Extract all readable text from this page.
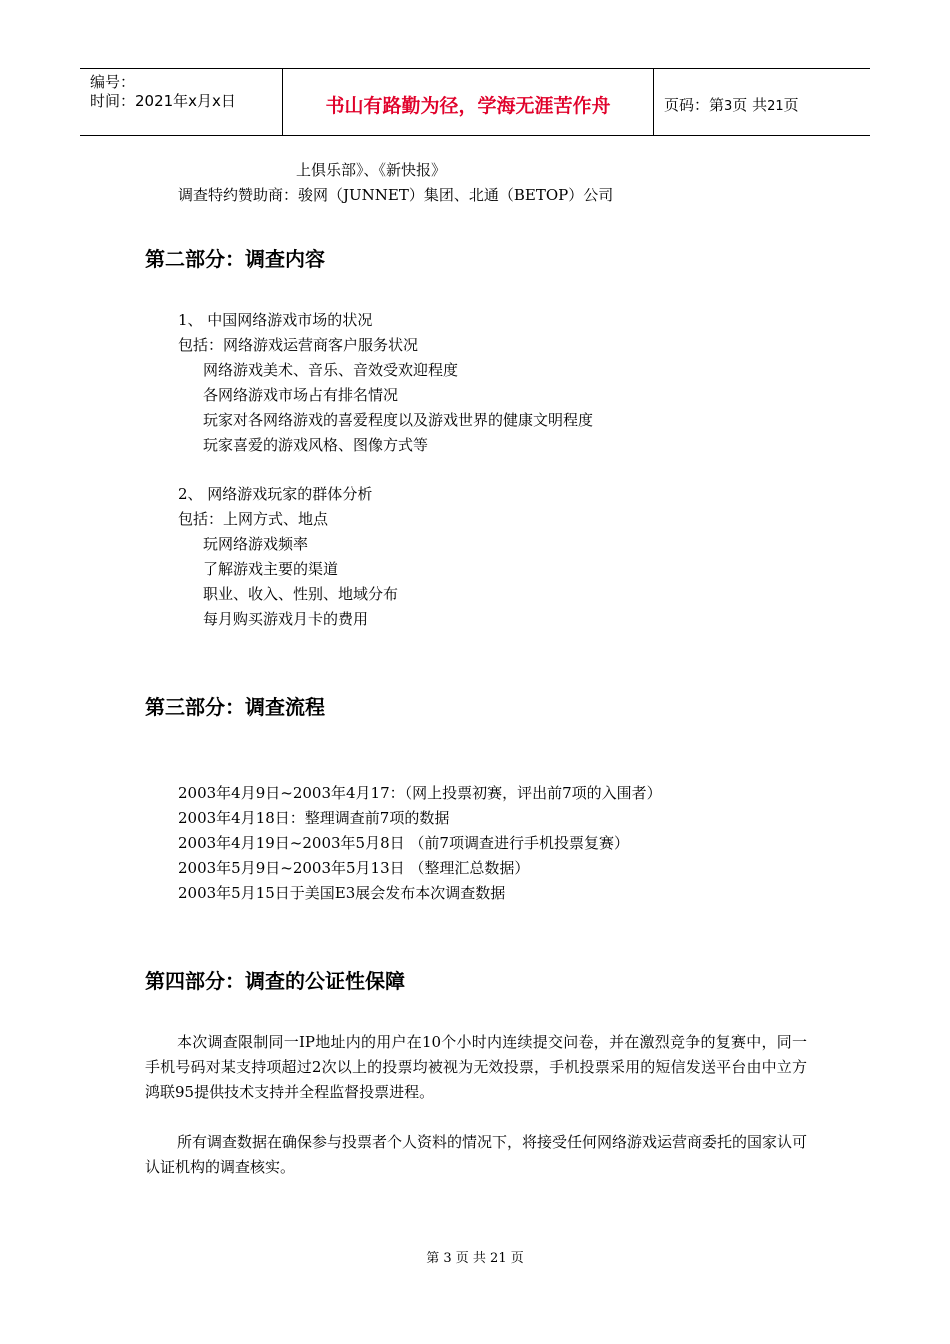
编号：
时间：2021年x月x日	书山有路勤为径，学海无涯苦作舟	页码：第3页 共21页
上俱乐部》、《新快报》
调查特约赞助商：骏网（JUNNET）集团、北通（BETOP）公司
第二部分：调查内容
1、 中国网络游戏市场的状况
包括：网络游戏运营商客户服务状况
网络游戏美术、音乐、音效受欢迎程度
各网络游戏市场占有排名情况
玩家对各网络游戏的喜爱程度以及游戏世界的健康文明程度
玩家喜爱的游戏风格、图像方式等
2、 网络游戏玩家的群体分析
包括：上网方式、地点
玩网络游戏频率
了解游戏主要的渠道
职业、收入、性别、地域分布
每月购买游戏月卡的费用
第三部分：调查流程
2003年4月9日~2003年4月17：（网上投票初赛，评出前7项的入围者）
2003年4月18日：整理调查前7项的数据
2003年4月19日~2003年5月8日 （前7项调查进行手机投票复赛）
2003年5月9日~2003年5月13日 （整理汇总数据）
2003年5月15日于美国E3展会发布本次调查数据
第四部分：调查的公证性保障
本次调查限制同一IP地址内的用户在10个小时内连续提交问卷，并在激烈竞争的复赛中，同一手机号码对某支持项超过2次以上的投票均被视为无效投票，手机投票采用的短信发送平台由中立方鸿联95提供技术支持并全程监督投票进程。
所有调查数据在确保参与投票者个人资料的情况下，将接受任何网络游戏运营商委托的国家认可认证机构的调查核实。
第 3 页 共 21 页
